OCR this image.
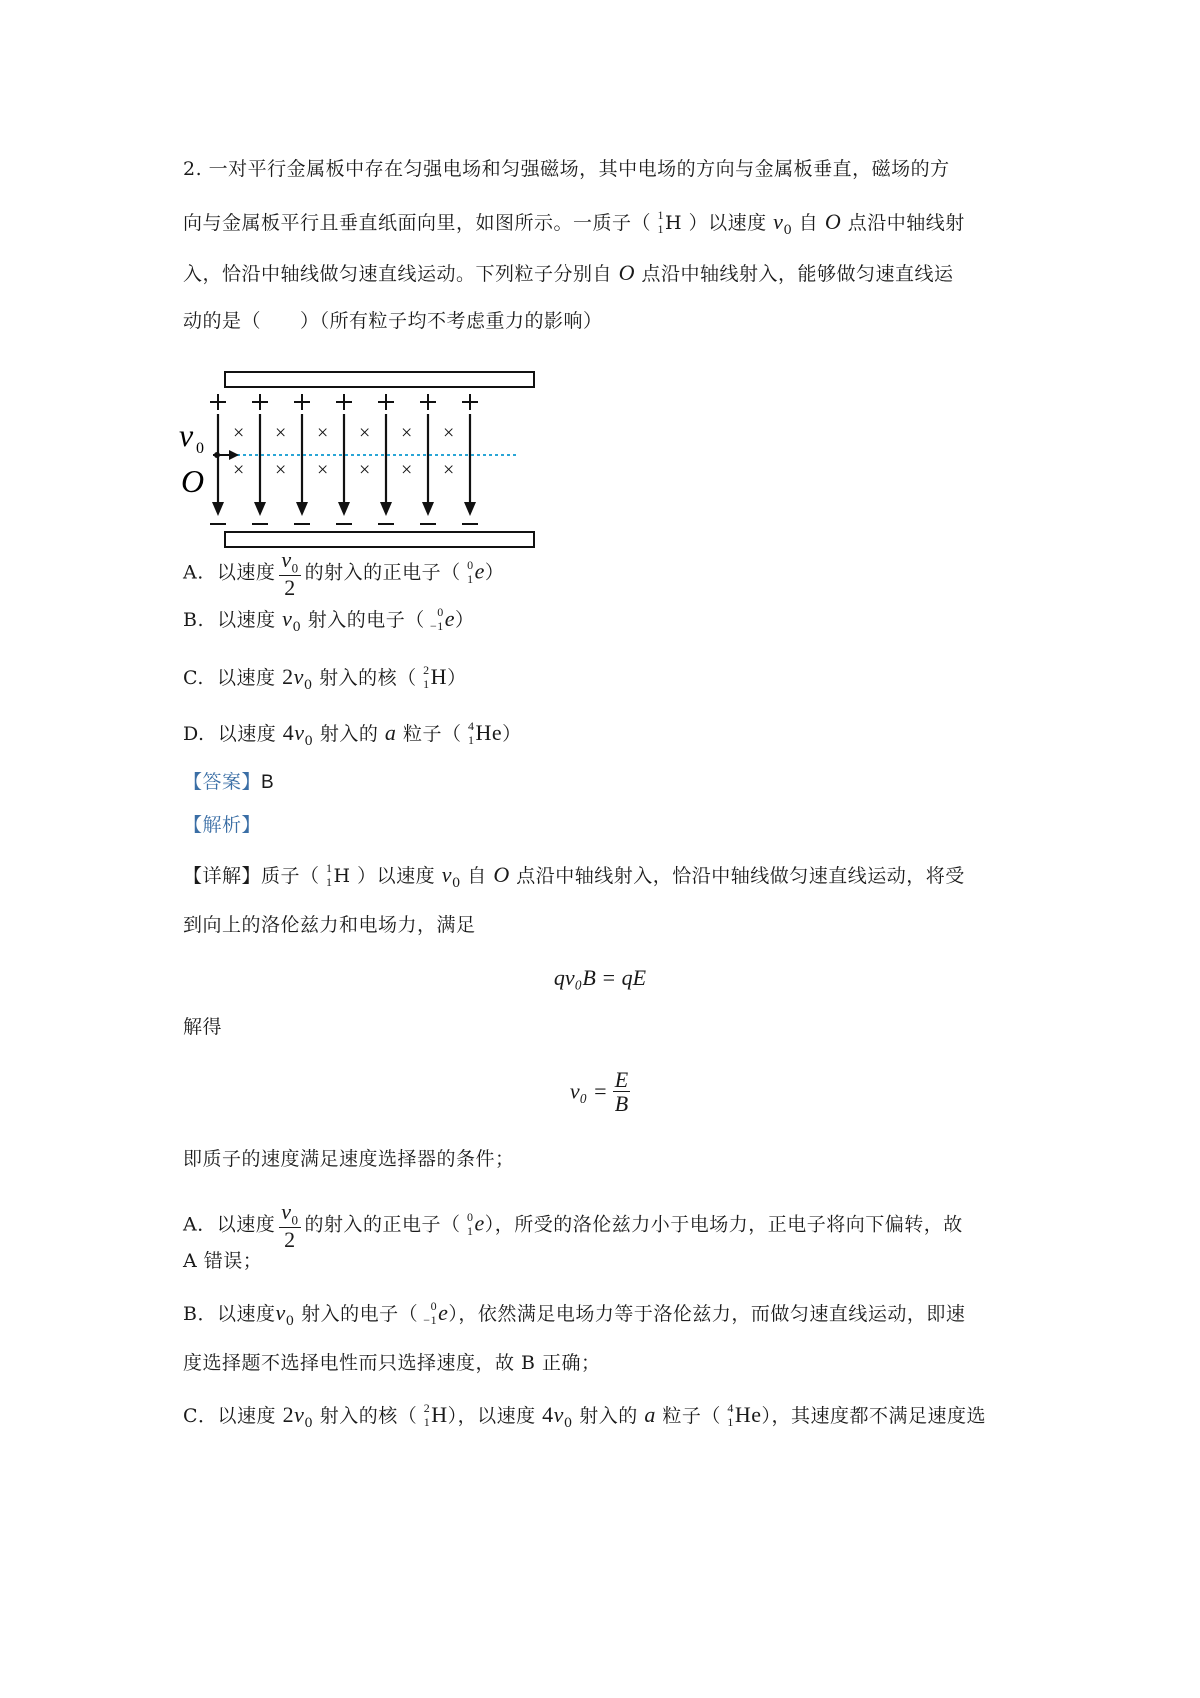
2. 一对平行金属板中存在匀强电场和匀强磁场，其中电场的方向与金属板垂直，磁场的方
向与金属板平行且垂直纸面向里，如图所示。一质子（ 1
1 H ）以速度 $v_0$ 自 O 点沿中轴线射
入，恰沿中轴线做匀速直线运动。下列粒子分别自 O 点沿中轴线射入，能够做匀速直线运
动的是（　　）（所有粒子均不考虑重力的影响）
×
×
×
×
×
×
×
×
×
×
×
×
v 0
O
A. 以速度 $\frac{v_0}{2}$ 的射入的正电子（ 0
1 e）
B. 以速度 $v_0$ 射入的电子（ 0
−1 e）
C. 以速度 $2v_0$ 射入的核（ 2
1 H）
D. 以速度 $4v_0$ 射入的 a 粒子（ 4
1 He）
【答案】B
【解析】
【详解】质子（ 1
1 H ）以速度 $v_0$ 自 O 点沿中轴线射入，恰沿中轴线做匀速直线运动，将受
到向上的洛伦兹力和电场力，满足
qv₀B = qE
解得
$v_0 = \frac{E}{B}$
即质子的速度满足速度选择器的条件；
A．以速度 $\frac{v_0}{2}$ 的射入的正电子（ 0
1 e），所受的洛伦兹力小于电场力，正电子将向下偏转，故
A 错误；
B．以速度$v_0$ 射入的电子（ 0
−1 e），依然满足电场力等于洛伦兹力，而做匀速直线运动，即速
度选择题不选择电性而只选择速度，故 B 正确；
C．以速度 $2v_0$ 射入的核（ 2
1 H），以速度 $4v_0$ 射入的 a 粒子（ 4
1 He），其速度都不满足速度选
